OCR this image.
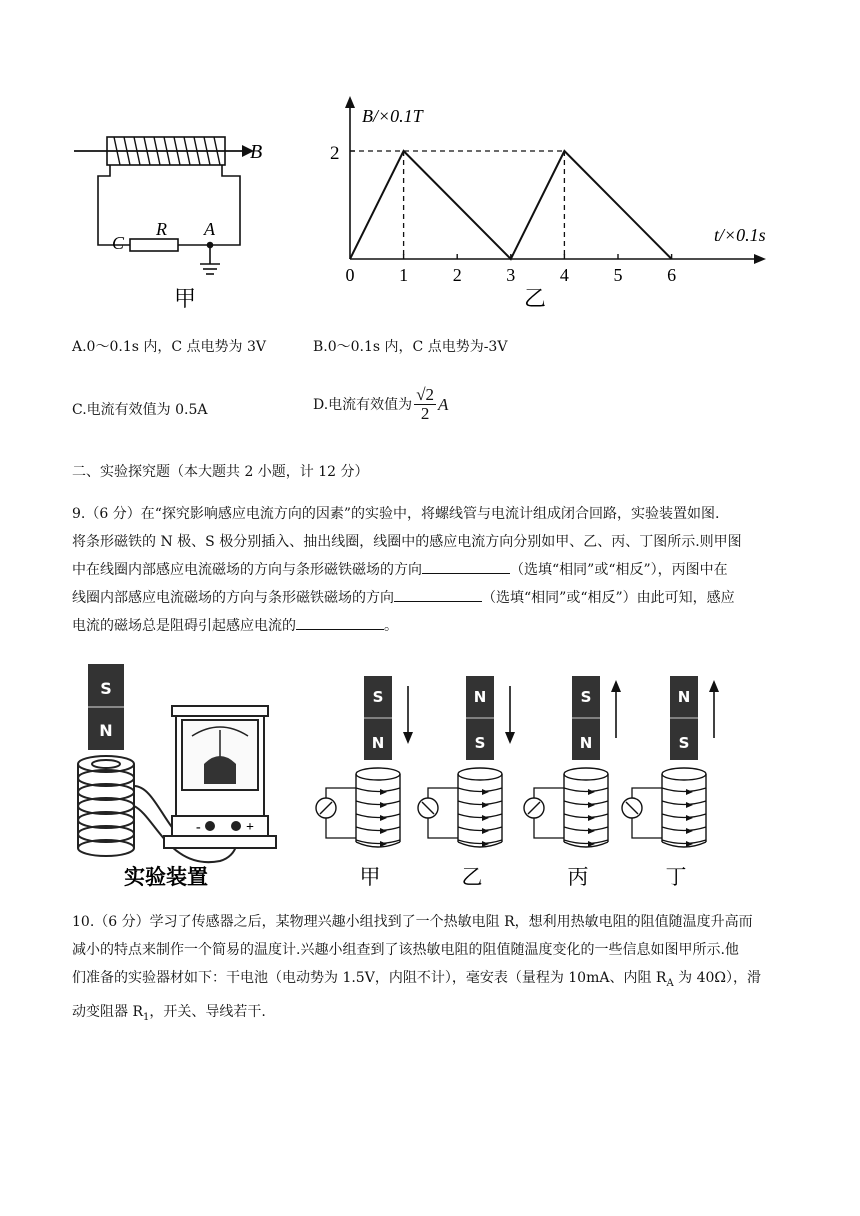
B
C
R A
甲
0 1 2 3 4 5 6
B/×0.1T
t/×0.1s
2
乙
A.0～0.1s 内，C 点电势为 3V	B.0～0.1s 内，C 点电势为-3V
C.电流有效值为 0.5A	D.电流有效值为 $\frac{√2}{2}$ A
二、实验探究题（本大题共 2 小题，计 12 分）
9.（6 分）在“探究影响感应电流方向的因素”的实验中，将螺线管与电流计组成闭合回路，实验装置如图.
将条形磁铁的 N 极、S 极分别插入、抽出线圈，线圈中的感应电流方向分别如甲、乙、丙、丁图所示.则甲图
中在线圈内部感应电流磁场的方向与条形磁铁磁场的方向	（选填“相同”或“相反”），丙图中在
线圈内部感应电流磁场的方向与条形磁铁磁场的方向	（选填“相同”或“相反”）由此可知，感应
电流的磁场总是阻碍引起感应电流的	。
S
N
-	+
实验装置
S
N
甲
N
S
乙
S
N
丙
N
S
丁
10.（6 分）学习了传感器之后，某物理兴趣小组找到了一个热敏电阻 R，想利用热敏电阻的阻值随温度升高而
减小的特点来制作一个简易的温度计.兴趣小组查到了该热敏电阻的阻值随温度变化的一些信息如图甲所示.他
们准备的实验器材如下：干电池（电动势为 1.5V，内阻不计），毫安表（量程为 10mA、内阻 $R_A$ 为 40Ω），滑
动变阻器 $R_1$，开关、导线若干.
